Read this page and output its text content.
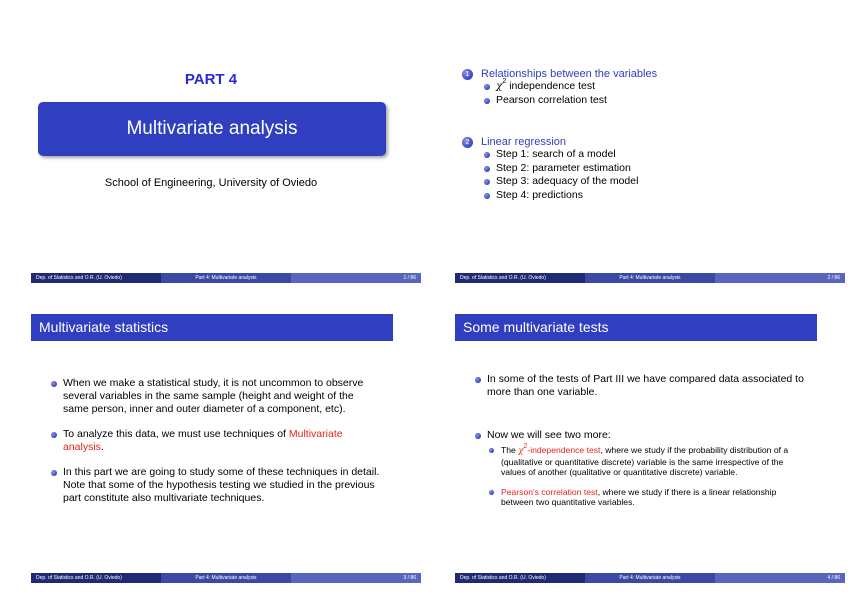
PART 4
Multivariate analysis
School of Engineering, University of Oviedo
Dep. of Statistics and O.R. (U. Oviedo)	Part 4: Multivariate analysis	1 / 86
1	Relationships between the variables
$\chi^2$ independence test
Pearson correlation test
2	Linear regression
Step 1: search of a model
Step 2: parameter estimation
Step 3: adequacy of the model
Step 4: predictions
Dep. of Statistics and O.R. (U. Oviedo)	Part 4: Multivariate analysis	2 / 86
Multivariate statistics
When we make a statistical study, it is not uncommon to observe several variables in the same sample (height and weight of the same person, inner and outer diameter of a component, etc).
To analyze this data, we must use techniques of Multivariate analysis.
In this part we are going to study some of these techniques in detail. Note that some of the hypothesis testing we studied in the previous part constitute also multivariate techniques.
Dep. of Statistics and O.R. (U. Oviedo)	Part 4: Multivariate analysis	3 / 86
Some multivariate tests
In some of the tests of Part III we have compared data associated to more than one variable.
Now we will see two more:
The $\chi^2$-independence test, where we study if the probability distribution of a (qualitative or quantitative discrete) variable is the same irrespective of the values of another (qualitative or quantitative discrete) variable.
Pearson's correlation test, where we study if there is a linear relationship between two quantitative variables.
Dep. of Statistics and O.R. (U. Oviedo)	Part 4: Multivariate analysis	4 / 86
